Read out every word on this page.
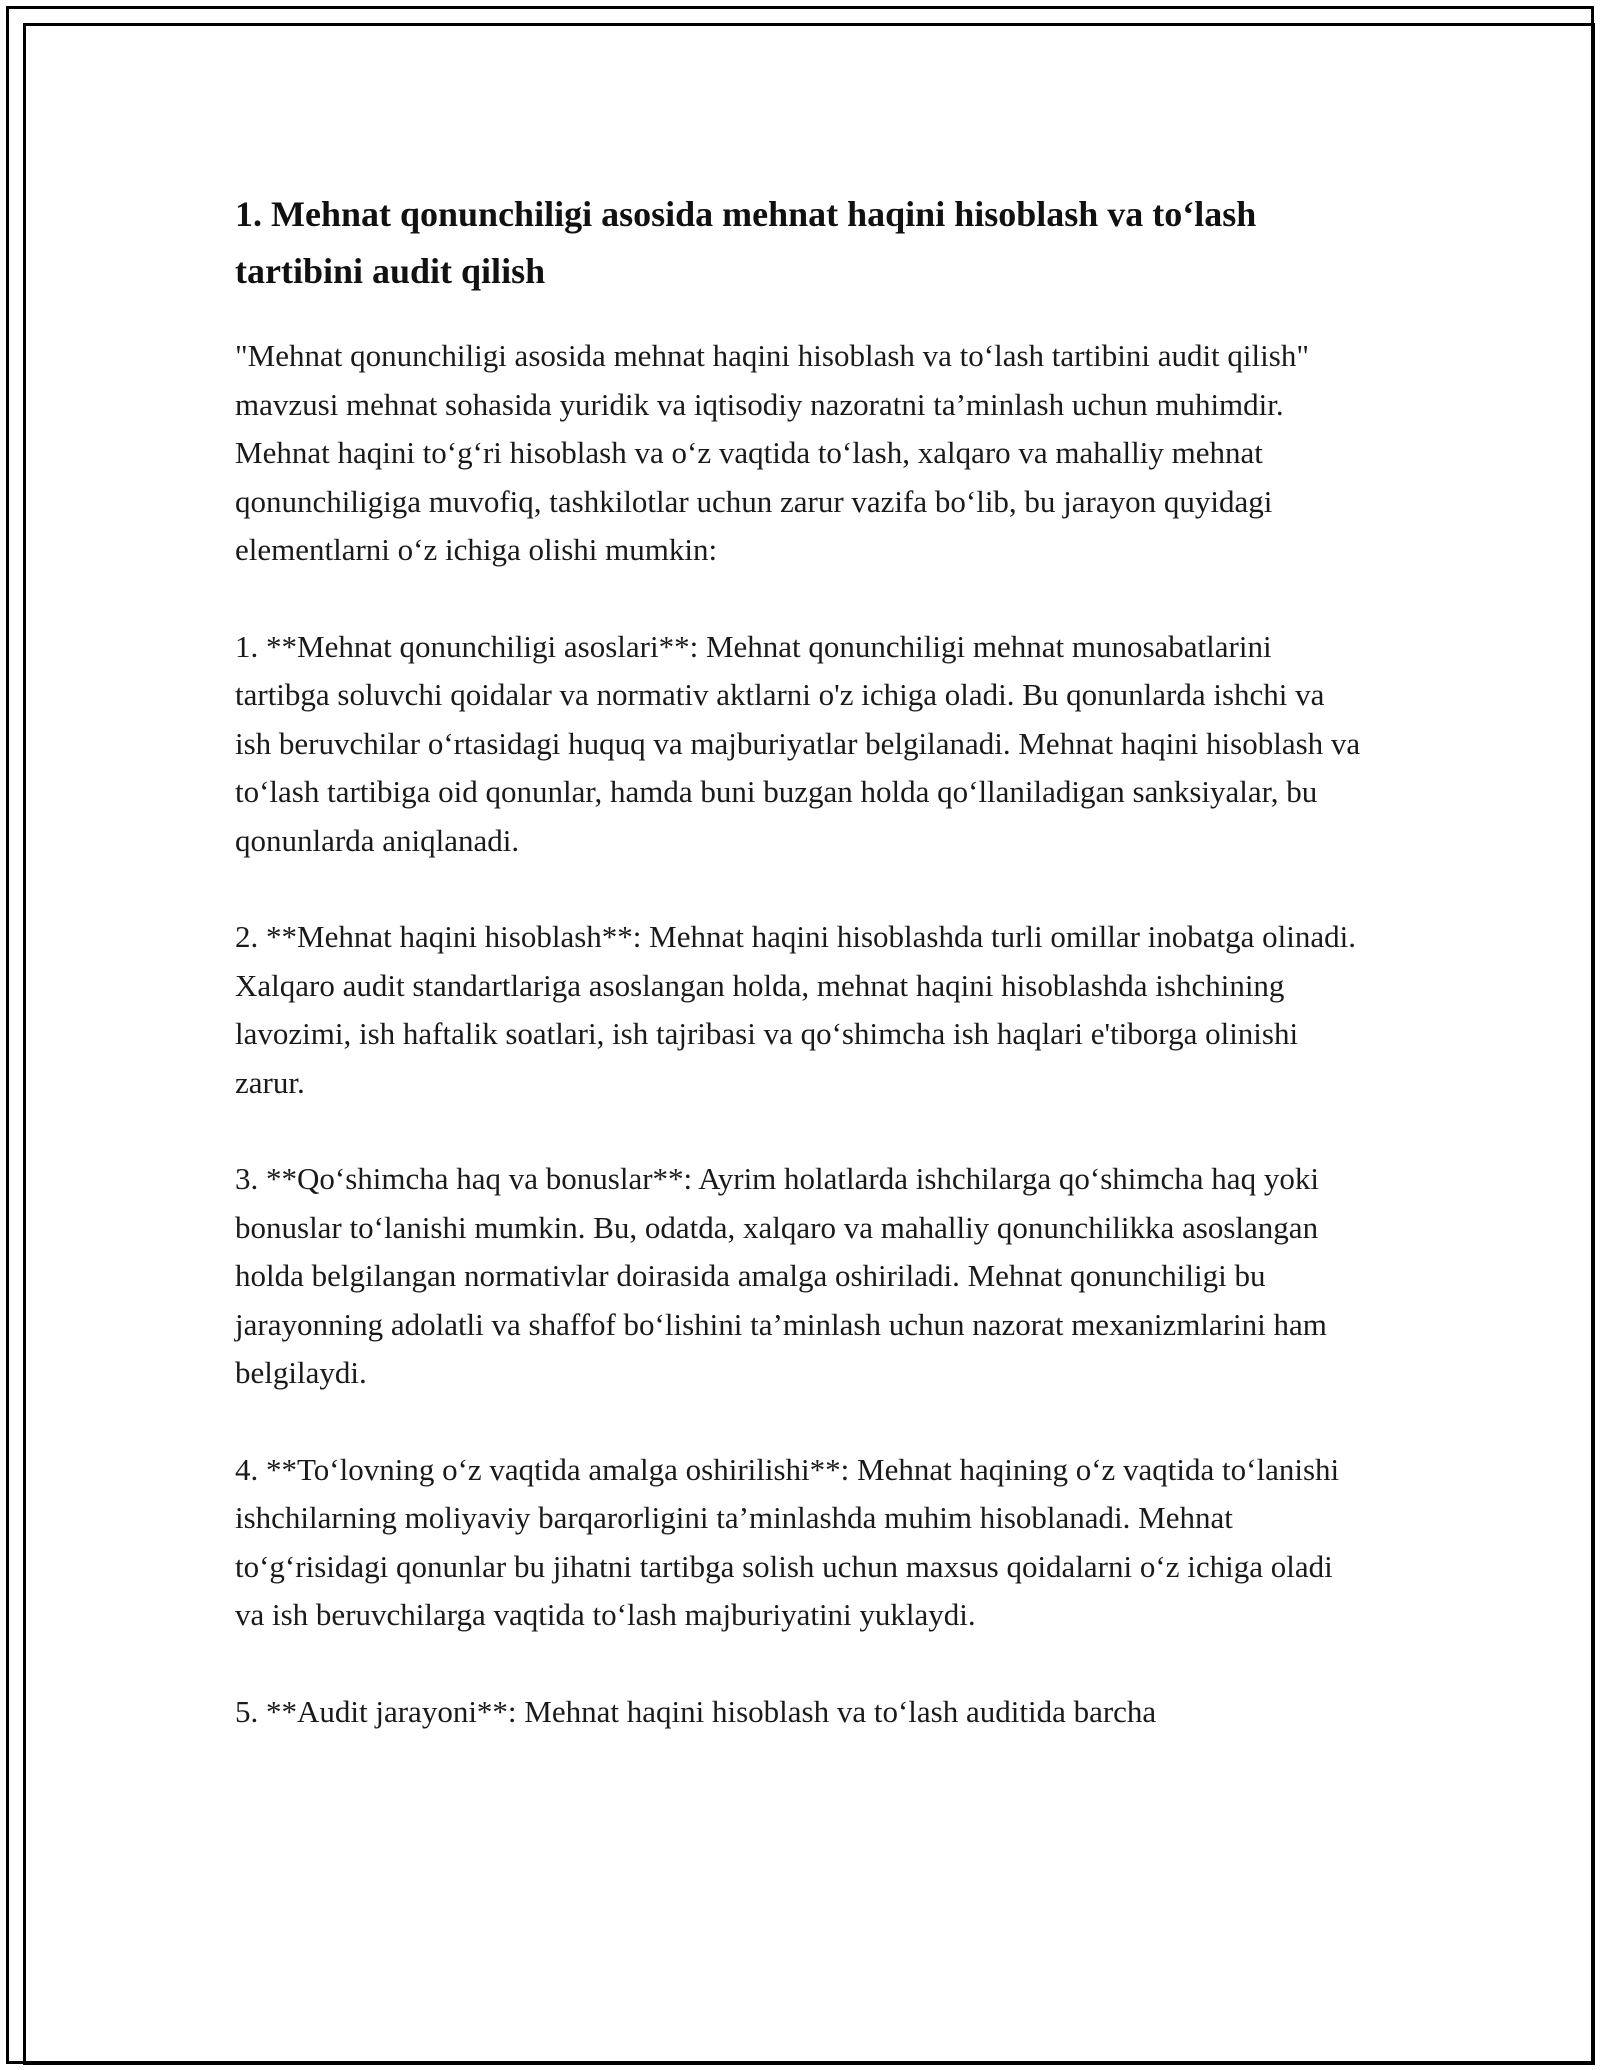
1. Mehnat qonunchiligi asosida mehnat haqini hisoblash va to‘lash tartibini audit qilish

"Mehnat qonunchiligi asosida mehnat haqini hisoblash va to‘lash tartibini audit qilish" mavzusi mehnat sohasida yuridik va iqtisodiy nazoratni ta’minlash uchun muhimdir. Mehnat haqini to‘g‘ri hisoblash va o‘z vaqtida to‘lash, xalqaro va mahalliy mehnat qonunchiligiga muvofiq, tashkilotlar uchun zarur vazifa bo‘lib, bu jarayon quyidagi elementlarni o‘z ichiga olishi mumkin:

1. **Mehnat qonunchiligi asoslari**: Mehnat qonunchiligi mehnat munosabatlarini tartibga soluvchi qoidalar va normativ aktlarni o'z ichiga oladi. Bu qonunlarda ishchi va ish beruvchilar o‘rtasidagi huquq va majburiyatlar belgilanadi. Mehnat haqini hisoblash va to‘lash tartibiga oid qonunlar, hamda buni buzgan holda qo‘llaniladigan sanksiyalar, bu qonunlarda aniqlanadi.

2. **Mehnat haqini hisoblash**: Mehnat haqini hisoblashda turli omillar inobatga olinadi. Xalqaro audit standartlariga asoslangan holda, mehnat haqini hisoblashda ishchining lavozimi, ish haftalik soatlari, ish tajribasi va qo‘shimcha ish haqlari e'tiborga olinishi zarur.

3. **Qo‘shimcha haq va bonuslar**: Ayrim holatlarda ishchilarga qo‘shimcha haq yoki bonuslar to‘lanishi mumkin. Bu, odatda, xalqaro va mahalliy qonunchilikka asoslangan holda belgilangan normativlar doirasida amalga oshiriladi. Mehnat qonunchiligi bu jarayonning adolatli va shaffof bo‘lishini ta’minlash uchun nazorat mexanizmlarini ham belgilaydi.

4. **To‘lovning o‘z vaqtida amalga oshirilishi**: Mehnat haqining o‘z vaqtida to‘lanishi ishchilarning moliyaviy barqarorligini ta’minlashda muhim hisoblanadi. Mehnat to‘g‘risidagi qonunlar bu jihatni tartibga solish uchun maxsus qoidalarni o‘z ichiga oladi va ish beruvchilarga vaqtida to‘lash majburiyatini yuklaydi.

5. **Audit jarayoni**: Mehnat haqini hisoblash va to‘lash auditida barcha
